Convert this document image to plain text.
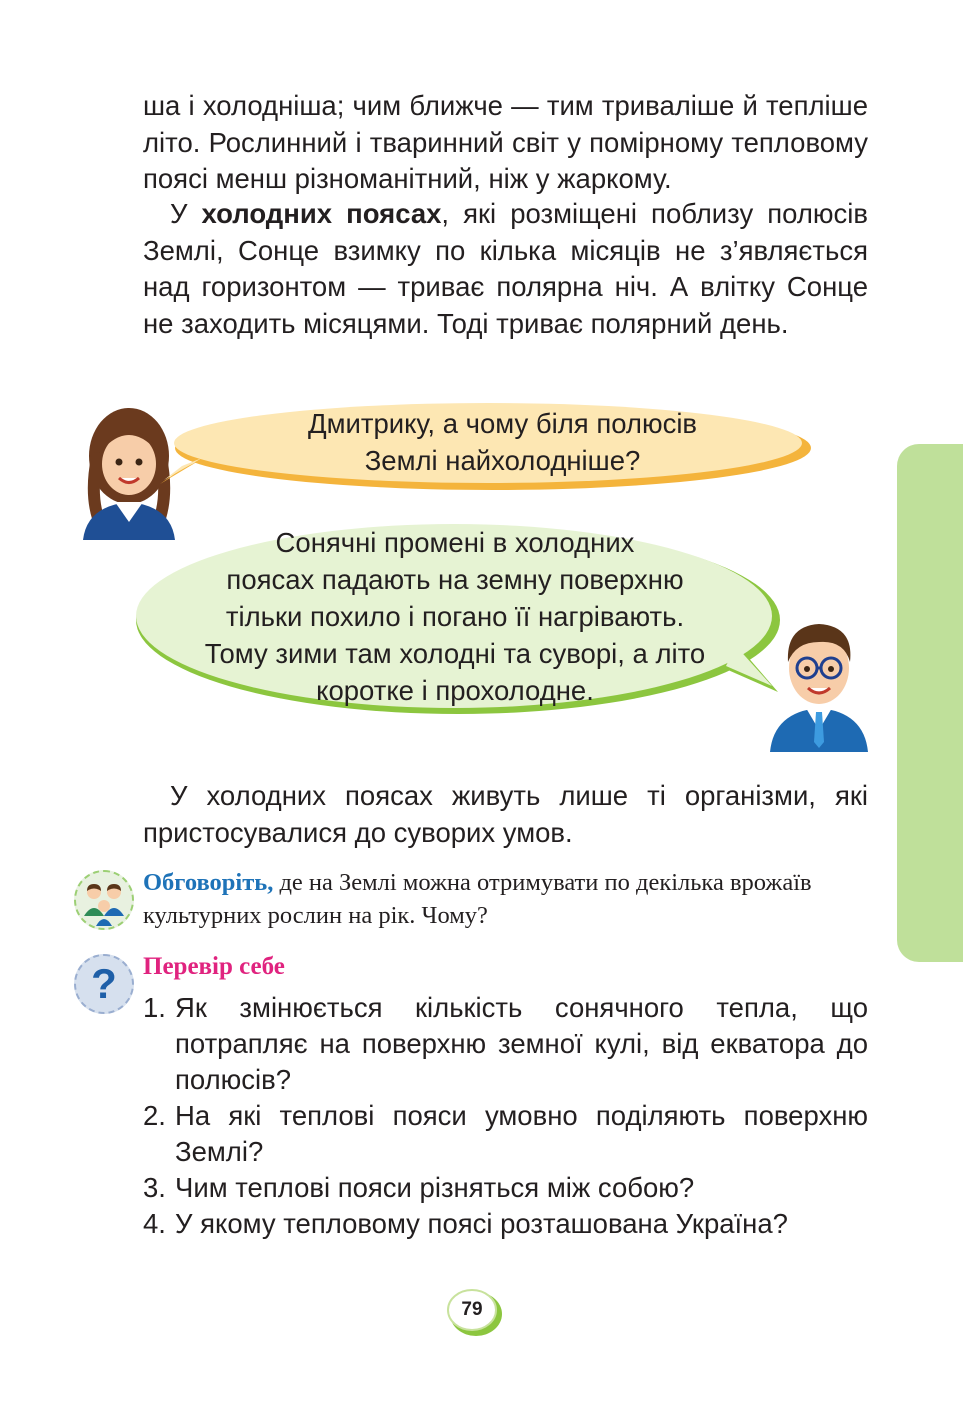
ша і холодніша; чим ближче — тим триваліше й тепліше літо. Рослинний і тваринний світ у помірному тепловому поясі менш різноманітний, ніж у жаркому.

У холодних поясах, які розміщені поблизу полюсів Землі, Сонце взимку по кілька місяців не з’являється над горизонтом — триває полярна ніч. А влітку Сонце не заходить місяцями. Тоді триває полярний день.

Дмитрику, а чому біля полюсів
Землі найхолодніше?

Сонячні промені в холодних
поясах падають на земну поверхню
тільки похило і погано її нагрівають.
Тому зими там холодні та суворі, а літо
коротке і прохолодне.

У холодних поясах живуть лише ті організми, які пристосувалися до суворих умов.

Обговоріть, де на Землі можна отримувати по декілька врожаїв культурних рослин на рік. Чому?

?	Перевір себе

1. Як змінюється кількість сонячного тепла, що потрапляє на поверхню земної кулі, від екватора до полюсів?
2. На які теплові пояси умовно поділяють поверхню Землі?
3. Чим теплові пояси різняться між собою?
4. У якому тепловому поясі розташована Україна?
79
